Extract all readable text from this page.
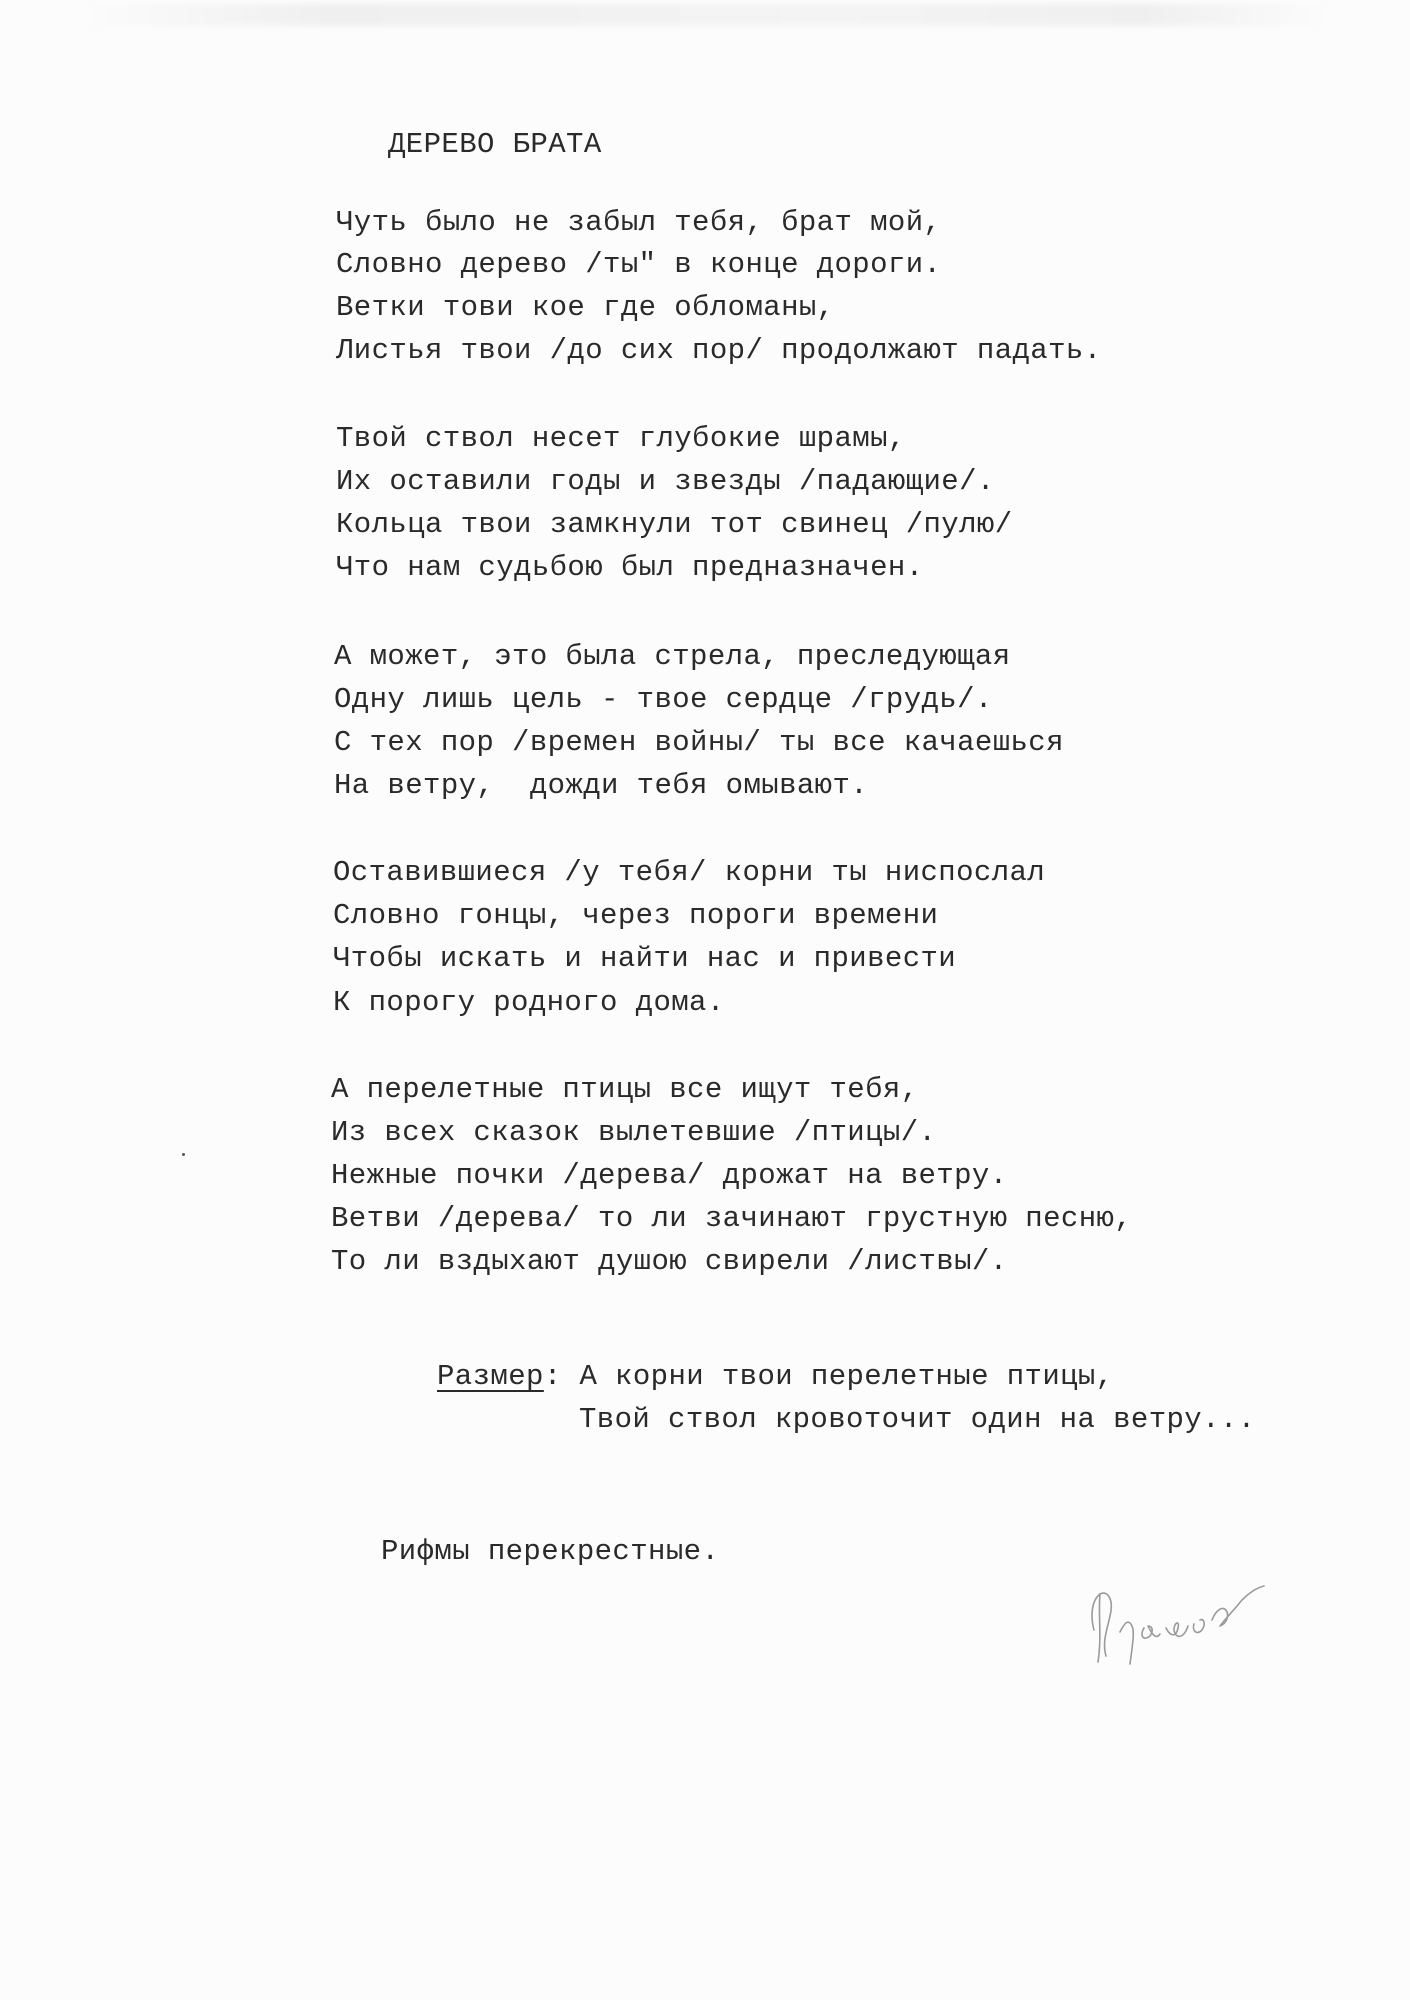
ДЕРЕВО БРАТА
Чуть было не забыл тебя, брат мой,
Словно дерево /ты" в конце дороги.
Ветки тови кое где обломаны,
Листья твои /до сих пор/ продолжают падать.
Твой ствол несет глубокие шрамы,
Их оставили годы и звезды /падающие/.
Кольца твои замкнули тот свинец /пулю/
Что нам судьбою был предназначен.
А может, это была стрела, преследующая
Одну лишь цель - твое сердце /грудь/.
С тех пор /времен войны/ ты все качаешься
На ветру,  дожди тебя омывают.
Оставившиеся /у тебя/ корни ты ниспослал
Словно гонцы, через пороги времени
Чтобы искать и найти нас и привести
К порогу родного дома.
А перелетные птицы все ищут тебя,
Из всех сказок вылетевшие /птицы/.
Нежные почки /дерева/ дрожат на ветру.
Ветви /дерева/ то ли зачинают грустную песню,
То ли вздыхают душою свирели /листвы/.
Размер: А корни твои перелетные птицы,
Твой ствол кровоточит один на ветру...
Рифмы перекрестные.
